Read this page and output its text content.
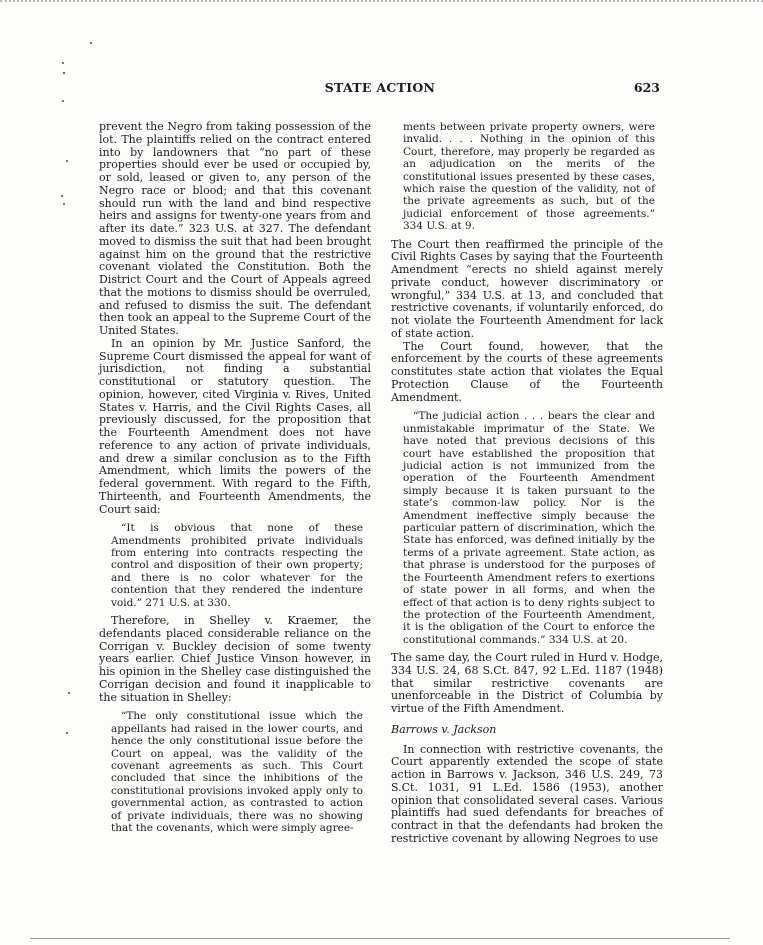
STATE ACTION	623

prevent the Negro from taking possession of the lot. The plaintiffs relied on the contract entered into by landowners that “no part of these properties should ever be used or occupied by, or sold, leased or given to, any person of the Negro race or blood; and that this covenant should run with the land and bind respective heirs and assigns for twenty-one years from and after its date.” 323 U.S. at 327. The defendant moved to dismiss the suit that had been brought against him on the ground that the restrictive covenant violated the Constitution. Both the District Court and the Court of Appeals agreed that the motions to dismiss should be overruled, and refused to dismiss the suit. The defendant then took an appeal to the Supreme Court of the United States.

In an opinion by Mr. Justice Sanford, the Supreme Court dismissed the appeal for want of jurisdiction, not finding a substantial constitutional or statutory question. The opinion, however, cited Virginia v. Rives, United States v. Harris, and the Civil Rights Cases, all previously discussed, for the proposition that the Fourteenth Amendment does not have reference to any action of private individuals, and drew a similar conclusion as to the Fifth Amendment, which limits the powers of the federal government. With regard to the Fifth, Thirteenth, and Fourteenth Amendments, the Court said:

“It is obvious that none of these Amendments prohibited private individuals from entering into contracts respecting the control and disposition of their own property; and there is no color whatever for the contention that they rendered the indenture void.” 271 U.S. at 330.

Therefore, in Shelley v. Kraemer, the defendants placed considerable reliance on the Corrigan v. Buckley decision of some twenty years earlier. Chief Justice Vinson however, in his opinion in the Shelley case distinguished the Corrigan decision and found it inapplicable to the situation in Shelley:

“The only constitutional issue which the appellants had raised in the lower courts, and hence the only constitutional issue before the Court on appeal, was the validity of the covenant agreements as such. This Court concluded that since the inhibitions of the constitutional provisions invoked apply only to governmental action, as contrasted to action of private individuals, there was no showing that the covenants, which were simply agree-

ments between private property owners, were invalid. . . . Nothing in the opinion of this Court, therefore, may properly be regarded as an adjudication on the merits of the constitutional issues presented by these cases, which raise the question of the validity, not of the private agreements as such, but of the judicial enforcement of those agreements.” 334 U.S. at 9.

The Court then reaffirmed the principle of the Civil Rights Cases by saying that the Fourteenth Amendment “erects no shield against merely private conduct, however discriminatory or wrongful,” 334 U.S. at 13, and concluded that restrictive covenants, if voluntarily enforced, do not violate the Fourteenth Amendment for lack of state action.

The Court found, however, that the enforcement by the courts of these agreements constitutes state action that violates the Equal Protection Clause of the Fourteenth Amendment.

“The judicial action . . . bears the clear and unmistakable imprimatur of the State. We have noted that previous decisions of this court have established the proposition that judicial action is not immunized from the operation of the Fourteenth Amendment simply because it is taken pursuant to the state’s common-law policy. Nor is the Amendment ineffective simply because the particular pattern of discrimination, which the State has enforced, was defined initially by the terms of a private agreement. State action, as that phrase is understood for the purposes of the Fourteenth Amendment refers to exertions of state power in all forms, and when the effect of that action is to deny rights subject to the protection of the Fourteenth Amendment, it is the obligation of the Court to enforce the constitutional commands.” 334 U.S. at 20.

The same day, the Court ruled in Hurd v. Hodge, 334 U.S. 24, 68 S.Ct. 847, 92 L.Ed. 1187 (1948) that similar restrictive covenants are unenforceable in the District of Columbia by virtue of the Fifth Amendment.

Barrows v. Jackson

In connection with restrictive covenants, the Court apparently extended the scope of state action in Barrows v. Jackson, 346 U.S. 249, 73 S.Ct. 1031, 91 L.Ed. 1586 (1953), another opinion that consolidated several cases. Various plaintiffs had sued defendants for breaches of contract in that the defendants had broken the restrictive covenant by allowing Negroes to use
